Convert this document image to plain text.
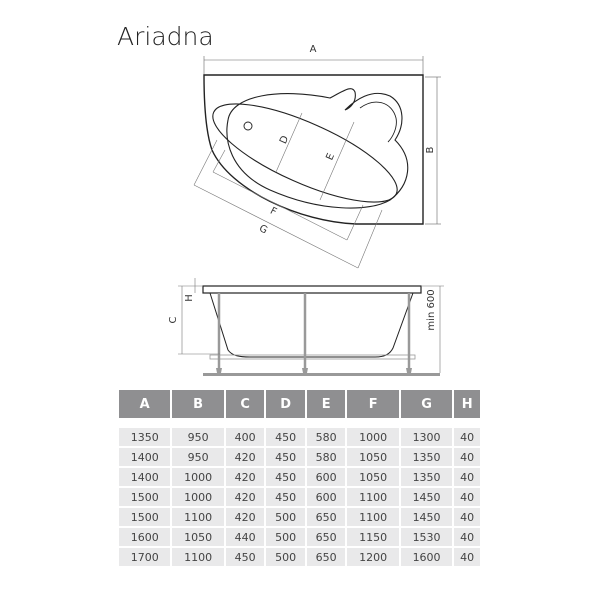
Ariadna	A
B
D
E
F
G
C
H	min 600
A	B	C	D	E	F	G	H

1350	950	400	450	580	1000	1300	40
1400	950	420	450	580	1050	1350	40
1400	1000	420	450	600	1050	1350	40
1500	1000	420	450	600	1100	1450	40
1500	1100	420	500	650	1100	1450	40
1600	1050	440	500	650	1150	1530	40
1700	1100	450	500	650	1200	1600	40
